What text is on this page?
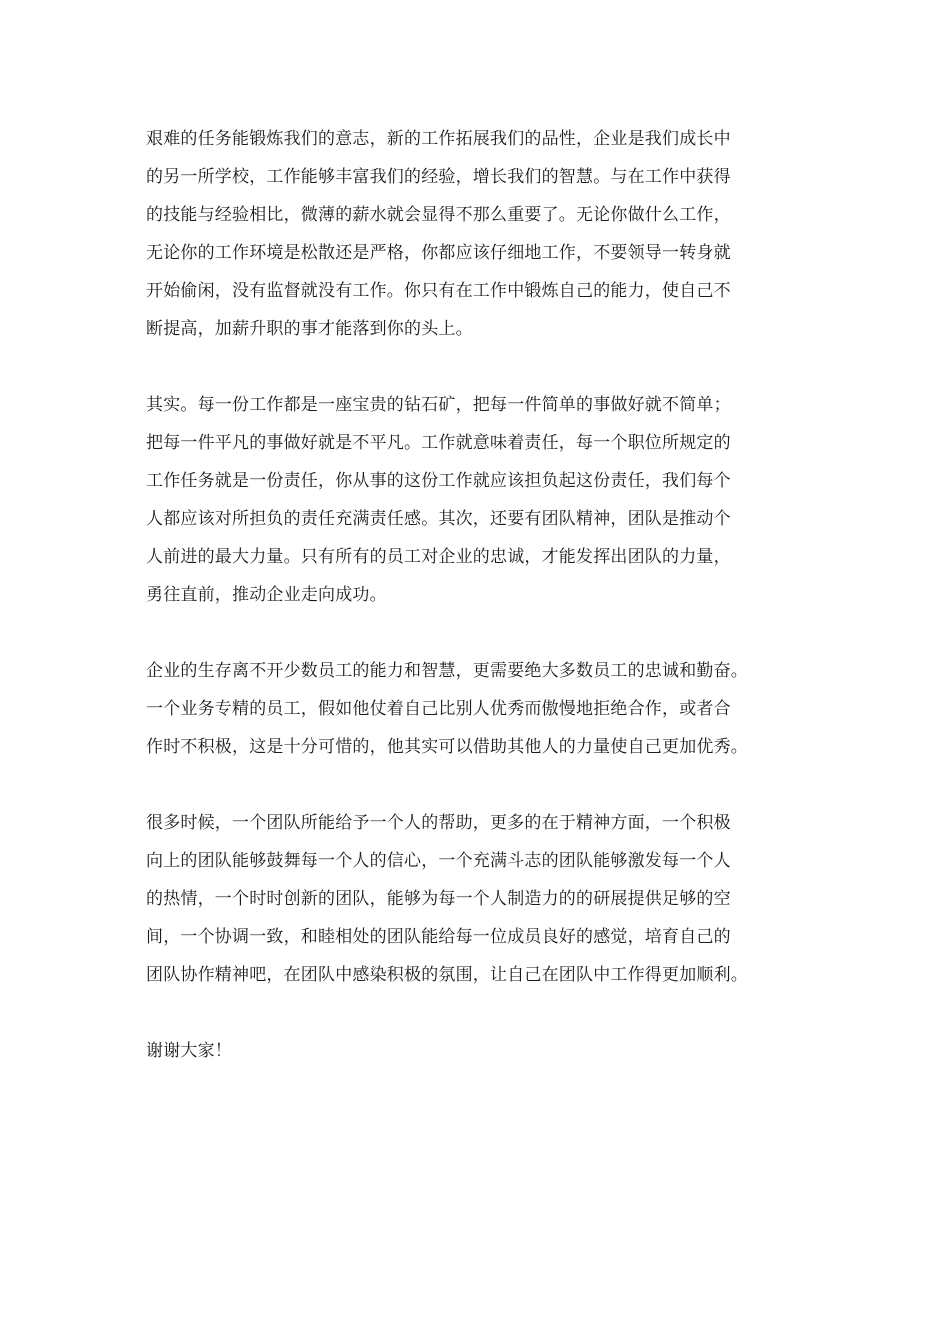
艰难的任务能锻炼我们的意志，新的工作拓展我们的品性，企业是我们成长中
的另一所学校，工作能够丰富我们的经验，增长我们的智慧。与在工作中获得
的技能与经验相比，微薄的薪水就会显得不那么重要了。无论你做什么工作，
无论你的工作环境是松散还是严格，你都应该仔细地工作，不要领导一转身就
开始偷闲，没有监督就没有工作。你只有在工作中锻炼自己的能力，使自己不
断提高，加薪升职的事才能落到你的头上。
其实。每一份工作都是一座宝贵的钻石矿，把每一件简单的事做好就不简单；
把每一件平凡的事做好就是不平凡。工作就意味着责任，每一个职位所规定的
工作任务就是一份责任，你从事的这份工作就应该担负起这份责任，我们每个
人都应该对所担负的责任充满责任感。其次，还要有团队精神，团队是推动个
人前进的最大力量。只有所有的员工对企业的忠诚，才能发挥出团队的力量，
勇往直前，推动企业走向成功。
企业的生存离不开少数员工的能力和智慧，更需要绝大多数员工的忠诚和勤奋。
一个业务专精的员工，假如他仗着自己比别人优秀而傲慢地拒绝合作，或者合
作时不积极，这是十分可惜的，他其实可以借助其他人的力量使自己更加优秀。
很多时候，一个团队所能给予一个人的帮助，更多的在于精神方面，一个积极
向上的团队能够鼓舞每一个人的信心，一个充满斗志的团队能够激发每一个人
的热情，一个时时创新的团队，能够为每一个人制造力的的研展提供足够的空
间，一个协调一致，和睦相处的团队能给每一位成员良好的感觉，培育自己的
团队协作精神吧，在团队中感染积极的氛围，让自己在团队中工作得更加顺利。
谢谢大家！
